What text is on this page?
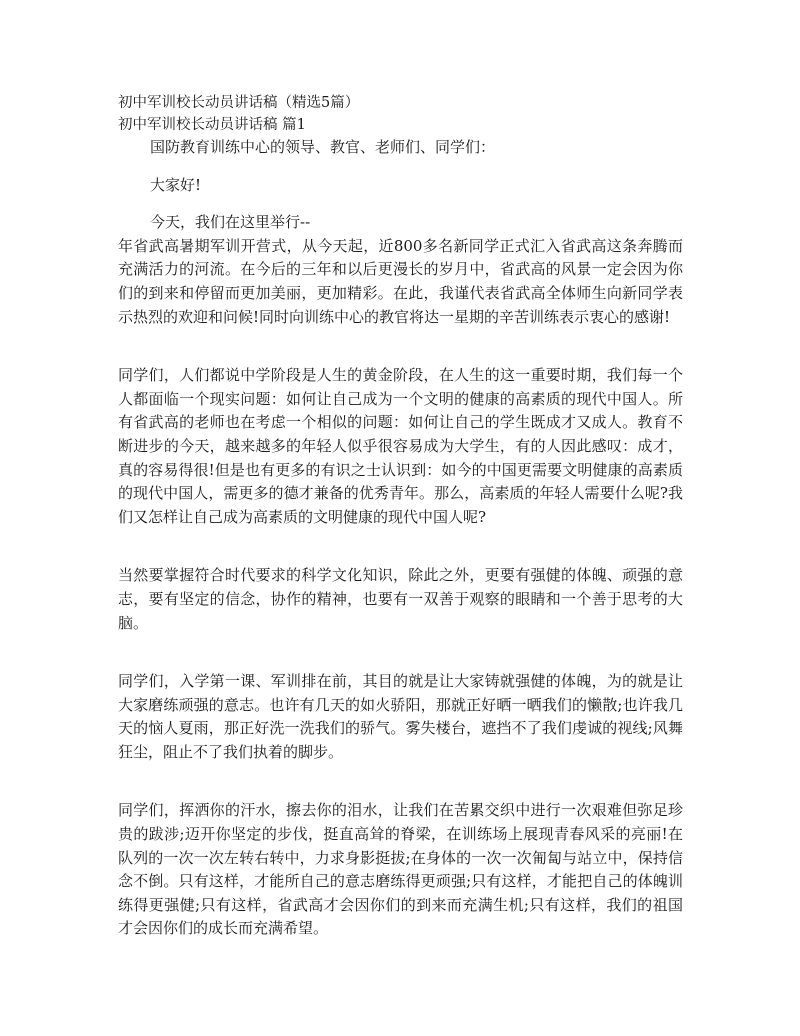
初中军训校长动员讲话稿（精选5篇）

初中军训校长动员讲话稿 篇1

国防教育训练中心的领导、教官、老师们、同学们：

大家好!

今天，我们在这里举行--

年省武高暑期军训开营式，从今天起，近800多名新同学正式汇入省武高这条奔腾而充满活力的河流。在今后的三年和以后更漫长的岁月中，省武高的风景一定会因为你们的到来和停留而更加美丽，更加精彩。在此，我谨代表省武高全体师生向新同学表示热烈的欢迎和问候!同时向训练中心的教官将达一星期的辛苦训练表示衷心的感谢!

同学们，人们都说中学阶段是人生的黄金阶段，在人生的这一重要时期，我们每一个人都面临一个现实问题：如何让自己成为一个文明的健康的高素质的现代中国人。所有省武高的老师也在考虑一个相似的问题：如何让自己的学生既成才又成人。教育不断进步的今天，越来越多的年轻人似乎很容易成为大学生，有的人因此感叹：成才，真的容易得很!但是也有更多的有识之士认识到：如今的中国更需要文明健康的高素质的现代中国人，需更多的德才兼备的优秀青年。那么，高素质的年轻人需要什么呢?我们又怎样让自己成为高素质的文明健康的现代中国人呢?

当然要掌握符合时代要求的科学文化知识，除此之外，更要有强健的体魄、顽强的意志，要有坚定的信念，协作的精神，也要有一双善于观察的眼睛和一个善于思考的大脑。

同学们，入学第一课、军训排在前，其目的就是让大家铸就强健的体魄，为的就是让大家磨练顽强的意志。也许有几天的如火骄阳，那就正好晒一晒我们的懒散;也许我几天的恼人夏雨，那正好洗一洗我们的骄气。雾失楼台，遮挡不了我们虔诚的视线;风舞狂尘，阻止不了我们执着的脚步。

同学们，挥洒你的汗水，擦去你的泪水，让我们在苦累交织中进行一次艰难但弥足珍贵的跋涉;迈开你坚定的步伐，挺直高耸的脊梁，在训练场上展现青春风采的亮丽!在队列的一次一次左转右转中，力求身影挺拔;在身体的一次一次匍匐与站立中，保持信念不倒。只有这样，才能所自己的意志磨练得更顽强;只有这样，才能把自己的体魄训练得更强健;只有这样，省武高才会因你们的到来而充满生机;只有这样，我们的祖国才会因你们的成长而充满希望。
